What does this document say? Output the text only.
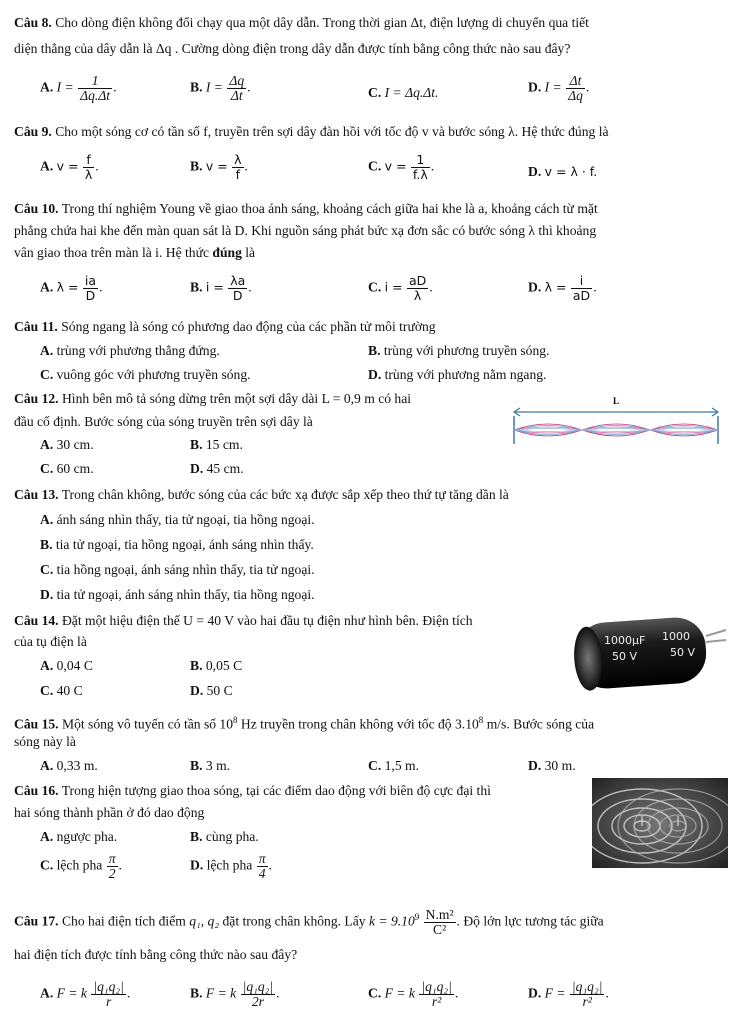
Câu 8. Cho dòng điện không đổi chạy qua một dây dẫn. Trong thời gian Δt, điện lượng di chuyển qua tiết
diện thẳng của dây dẫn là Δq . Cường dòng điện trong dây dẫn được tính bằng công thức nào sau đây?
A. $I = \frac{1}{\Delta q.\Delta t}$ .	B. $I = \frac{\Delta q}{\Delta t}$ .	C. I = Δq.Δt.	D. $I = \frac{\Delta t}{\Delta q}$ .
Câu 9. Cho một sóng cơ có tần số f, truyền trên sợi dây đàn hồi với tốc độ v và bước sóng λ. Hệ thức đúng là
A. $v = \frac{f}{\lambda}$ .	B. $v = \frac{\lambda}{f}$ .	C. $v = \frac{1}{f.\lambda}$ .	D. v = λ · f.
Câu 10. Trong thí nghiệm Young về giao thoa ánh sáng, khoảng cách giữa hai khe là a, khoảng cách từ mặt
phẳng chứa hai khe đến màn quan sát là D. Khi nguồn sáng phát bức xạ đơn sắc có bước sóng λ thì khoảng
vân giao thoa trên màn là i. Hệ thức đúng là
A. $\lambda = \frac{ia}{D}$ .	B. $i = \frac{\lambda a}{D}$ .	C. $i = \frac{aD}{\lambda}$ .	D. $\lambda = \frac{i}{aD}$ .
Câu 11. Sóng ngang là sóng có phương dao động của các phần tử môi trường
A. trùng với phương thẳng đứng.	B. trùng với phương truyền sóng.
C. vuông góc với phương truyền sóng.	D. trùng với phương nằm ngang.
Câu 12. Hình bên mô tả sóng dừng trên một sợi dây dài L = 0,9 m có hai
đầu cố định. Bước sóng của sóng truyền trên sợi dây là
A. 30 cm.	B. 15 cm.
C. 60 cm.	D. 45 cm.
L
Câu 13. Trong chân không, bước sóng của các bức xạ được sắp xếp theo thứ tự tăng dần là
A. ánh sáng nhìn thấy, tia tử ngoại, tia hồng ngoại.
B. tia tử ngoại, tia hồng ngoại, ánh sáng nhìn thấy.
C. tia hồng ngoại, ánh sáng nhìn thấy, tia tử ngoại.
D. tia tử ngoại, ánh sáng nhìn thấy, tia hồng ngoại.
Câu 14. Đặt một hiệu điện thế U = 40 V vào hai đầu tụ điện như hình bên. Điện tích
của tụ điện là
A. 0,04 C	B. 0,05 C
C. 40 C	D. 50 C
1000µF
50 V
1000
50 V
Câu 15. Một sóng vô tuyến có tần số $10^8$ Hz truyền trong chân không với tốc độ 3.10$^8$ m/s. Bước sóng của
sóng này là
A. 0,33 m.	B. 3 m.	C. 1,5 m.	D. 30 m.
Câu 16. Trong hiện tượng giao thoa sóng, tại các điểm dao động với biên độ cực đại thì
hai sóng thành phần ở đó dao động
A. ngược pha.	B. cùng pha.
C. lệch pha $\frac{\pi}{2}$ .	D. lệch pha $\frac{\pi}{4}$ .
Câu 17. Cho hai điện tích điểm q₁, q₂ đặt trong chân không. Lấy $k = 9.10^9 \frac{\text{N.m²}}{\text{C²}}$ . Độ lớn lực tương tác giữa
hai điện tích được tính bằng công thức nào sau đây?
A. F = k $\frac{\text{|q₁q₂|}}{r}$ .	B. F = k $\frac{\text{|q₁q₂|}}{2r}$ .	C. F = k $\frac{\text{|q₁q₂|}}{\text{r²}}$ .	D. $F = \frac{\text{|q₁q₂|}}{\text{r²}}$ .
